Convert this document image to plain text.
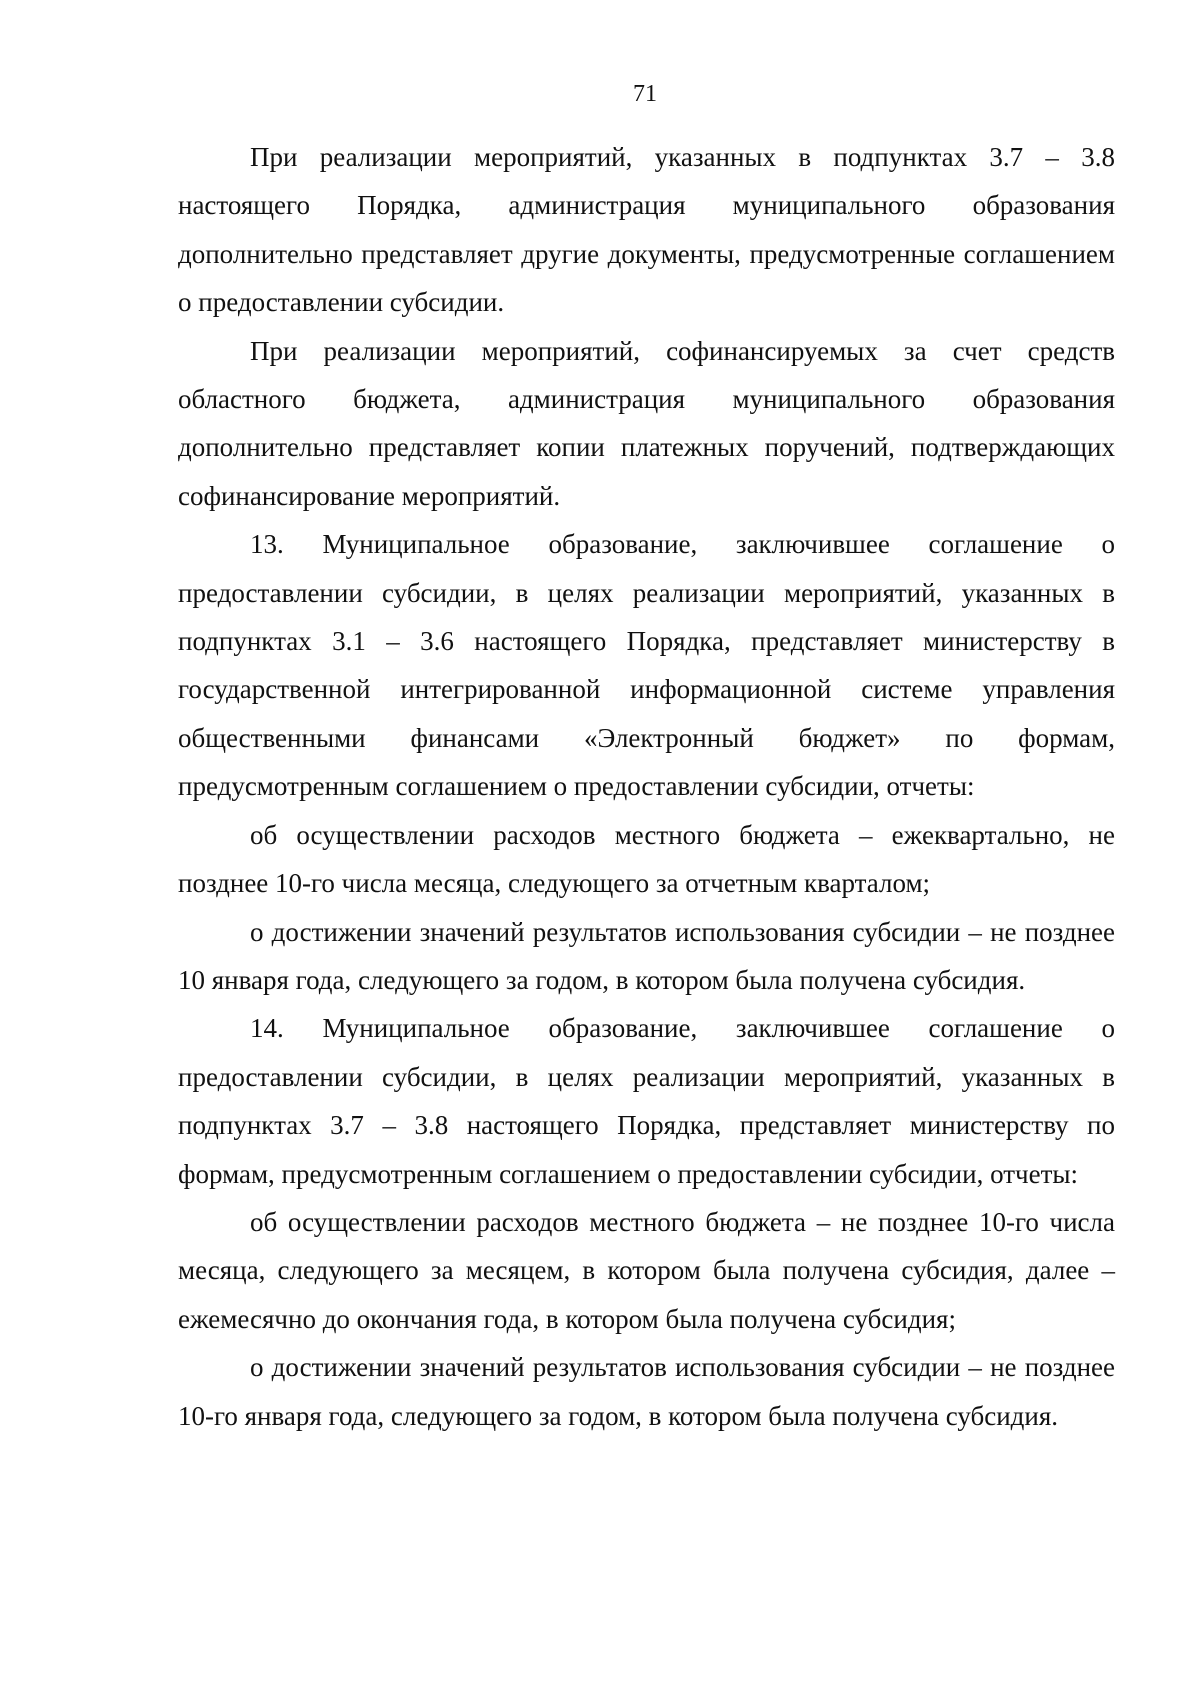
71

При реализации мероприятий, указанных в подпунктах 3.7 – 3.8 настоящего Порядка, администрация муниципального образования дополнительно представляет другие документы, предусмотренные соглашением о предоставлении субсидии.

При реализации мероприятий, софинансируемых за счет средств областного бюджета, администрация муниципального образования дополнительно представляет копии платежных поручений, подтверждающих софинансирование мероприятий.

13. Муниципальное образование, заключившее соглашение о предоставлении субсидии, в целях реализации мероприятий, указанных в подпунктах 3.1 – 3.6 настоящего Порядка, представляет министерству в государственной интегрированной информационной системе управления общественными финансами «Электронный бюджет» по формам, предусмотренным соглашением о предоставлении субсидии, отчеты:

об осуществлении расходов местного бюджета – ежеквартально, не позднее 10-го числа месяца, следующего за отчетным кварталом;

о достижении значений результатов использования субсидии – не позднее 10 января года, следующего за годом, в котором была получена субсидия.

14. Муниципальное образование, заключившее соглашение о предоставлении субсидии, в целях реализации мероприятий, указанных в подпунктах 3.7 – 3.8 настоящего Порядка, представляет министерству по формам, предусмотренным соглашением о предоставлении субсидии, отчеты:

об осуществлении расходов местного бюджета – не позднее 10-го числа месяца, следующего за месяцем, в котором была получена субсидия, далее – ежемесячно до окончания года, в котором была получена субсидия;

о достижении значений результатов использования субсидии – не позднее 10-го января года, следующего за годом, в котором была получена субсидия.
